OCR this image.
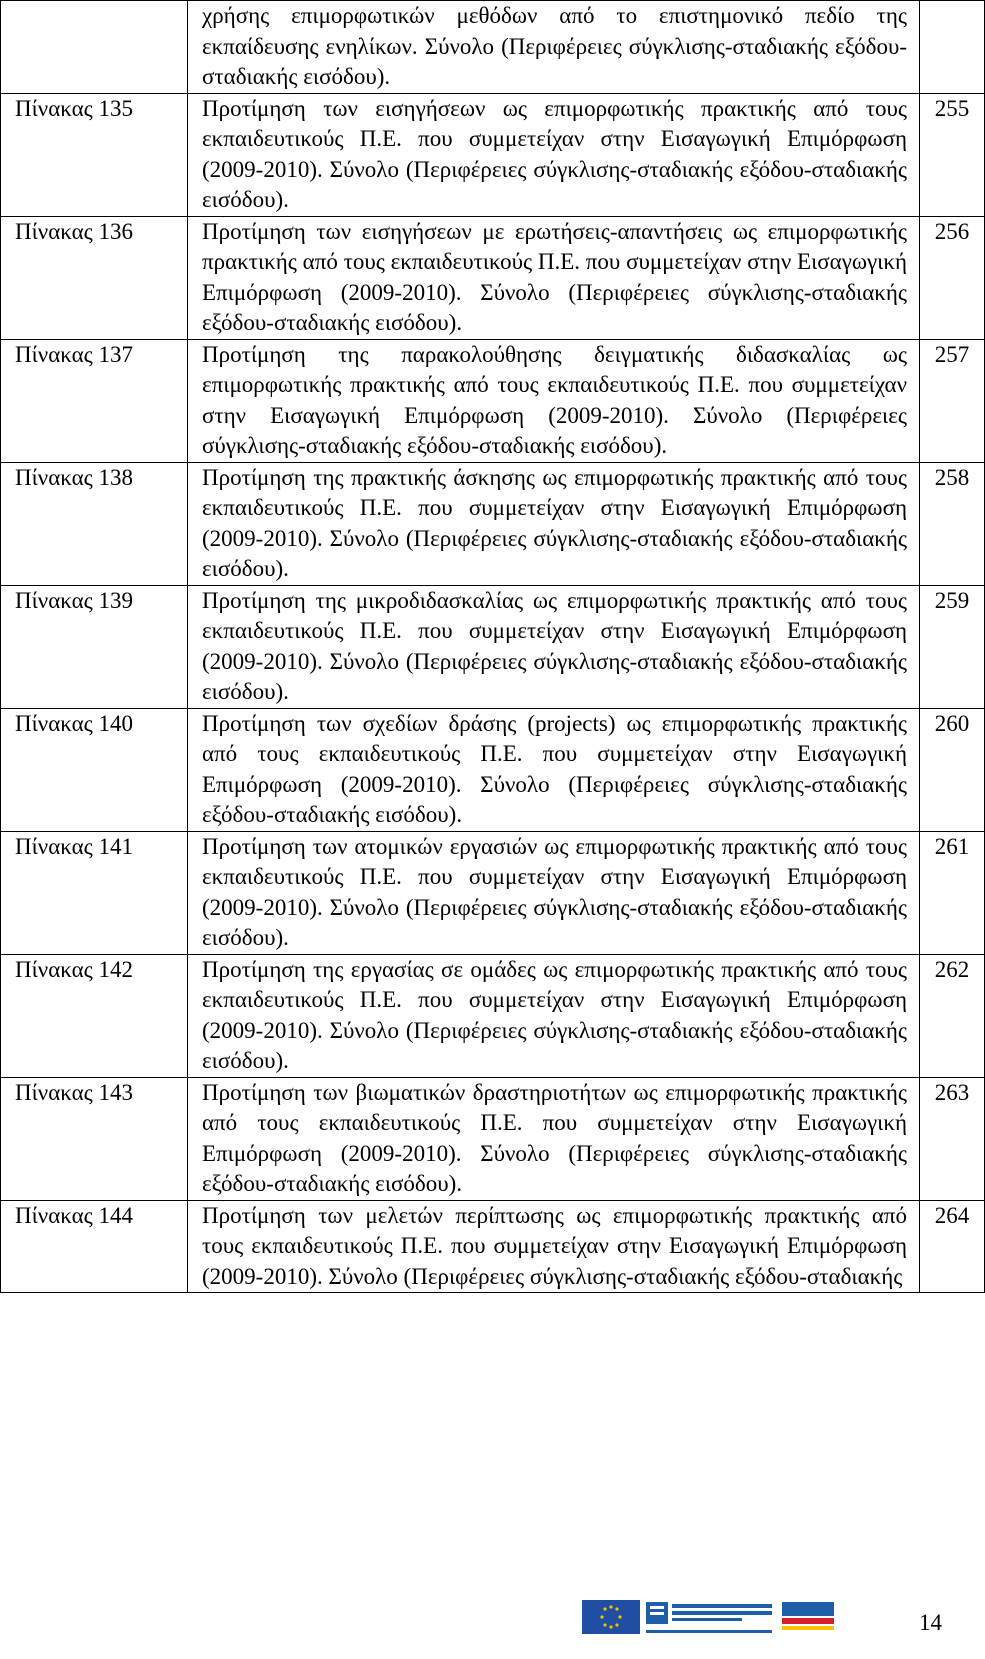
	χρήσης επιμορφωτικών μεθόδων από το επιστημονικό πεδίο της εκπαίδευσης ενηλίκων. Σύνολο (Περιφέρειες σύγκλισης-σταδιακής εξόδου-σταδιακής εισόδου).	
Πίνακας 135	Προτίμηση των εισηγήσεων ως επιμορφωτικής πρακτικής από τους εκπαιδευτικούς Π.Ε. που συμμετείχαν στην Εισαγωγική Επιμόρφωση (2009-2010). Σύνολο (Περιφέρειες σύγκλισης-σταδιακής εξόδου-σταδιακής εισόδου).	255
Πίνακας 136	Προτίμηση των εισηγήσεων με ερωτήσεις-απαντήσεις ως επιμορφωτικής πρακτικής από τους εκπαιδευτικούς Π.Ε. που συμμετείχαν στην Εισαγωγική Επιμόρφωση (2009-2010). Σύνολο (Περιφέρειες σύγκλισης-σταδιακής εξόδου-σταδιακής εισόδου).	256
Πίνακας 137	Προτίμηση της παρακολούθησης δειγματικής διδασκαλίας ως επιμορφωτικής πρακτικής από τους εκπαιδευτικούς Π.Ε. που συμμετείχαν στην Εισαγωγική Επιμόρφωση (2009-2010). Σύνολο (Περιφέρειες σύγκλισης-σταδιακής εξόδου-σταδιακής εισόδου).	257
Πίνακας 138	Προτίμηση της πρακτικής άσκησης ως επιμορφωτικής πρακτικής από τους εκπαιδευτικούς Π.Ε. που συμμετείχαν στην Εισαγωγική Επιμόρφωση (2009-2010). Σύνολο (Περιφέρειες σύγκλισης-σταδιακής εξόδου-σταδιακής εισόδου).	258
Πίνακας 139	Προτίμηση της μικροδιδασκαλίας ως επιμορφωτικής πρακτικής από τους εκπαιδευτικούς Π.Ε. που συμμετείχαν στην Εισαγωγική Επιμόρφωση (2009-2010). Σύνολο (Περιφέρειες σύγκλισης-σταδιακής εξόδου-σταδιακής εισόδου).	259
Πίνακας 140	Προτίμηση των σχεδίων δράσης (projects) ως επιμορφωτικής πρακτικής από τους εκπαιδευτικούς Π.Ε. που συμμετείχαν στην Εισαγωγική Επιμόρφωση (2009-2010). Σύνολο (Περιφέρειες σύγκλισης-σταδιακής εξόδου-σταδιακής εισόδου).	260
Πίνακας 141	Προτίμηση των ατομικών εργασιών ως επιμορφωτικής πρακτικής από τους εκπαιδευτικούς Π.Ε. που συμμετείχαν στην Εισαγωγική Επιμόρφωση (2009-2010). Σύνολο (Περιφέρειες σύγκλισης-σταδιακής εξόδου-σταδιακής εισόδου).	261
Πίνακας 142	Προτίμηση της εργασίας σε ομάδες ως επιμορφωτικής πρακτικής από τους εκπαιδευτικούς Π.Ε. που συμμετείχαν στην Εισαγωγική Επιμόρφωση (2009-2010). Σύνολο (Περιφέρειες σύγκλισης-σταδιακής εξόδου-σταδιακής εισόδου).	262
Πίνακας 143	Προτίμηση των βιωματικών δραστηριοτήτων ως επιμορφωτικής πρακτικής από τους εκπαιδευτικούς Π.Ε. που συμμετείχαν στην Εισαγωγική Επιμόρφωση (2009-2010). Σύνολο (Περιφέρειες σύγκλισης-σταδιακής εξόδου-σταδιακής εισόδου).	263
Πίνακας 144	Προτίμηση των μελετών περίπτωσης ως επιμορφωτικής πρακτικής από τους εκπαιδευτικούς Π.Ε. που συμμετείχαν στην Εισαγωγική Επιμόρφωση (2009-2010). Σύνολο (Περιφέρειες σύγκλισης-σταδιακής εξόδου-σταδιακής	264
14
